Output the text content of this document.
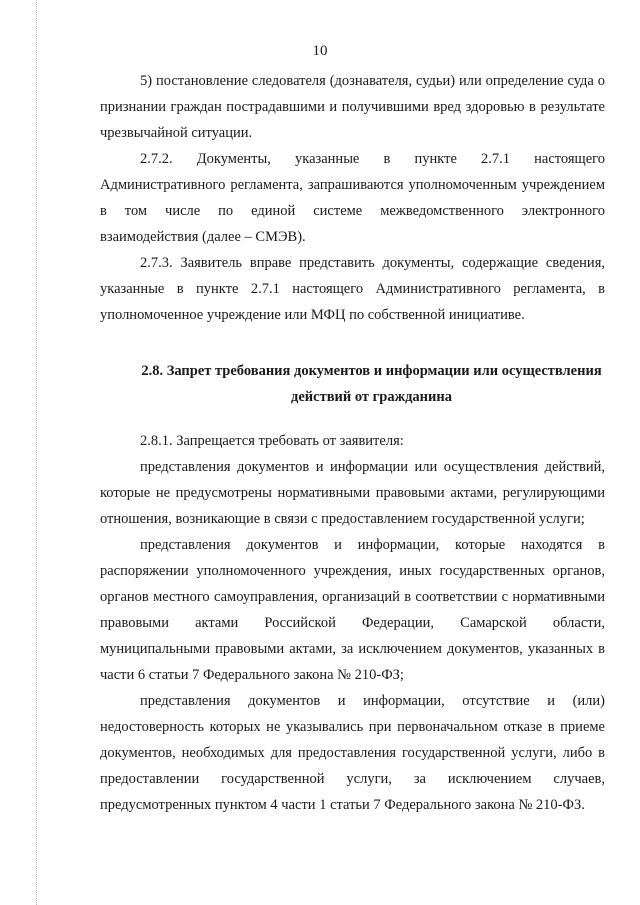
10

5) постановление следователя (дознавателя, судьи) или определение суда о признании граждан пострадавшими и получившими вред здоровью в результате чрезвычайной ситуации.

2.7.2. Документы, указанные в пункте 2.7.1 настоящего Административного регламента, запрашиваются уполномоченным учреждением в том числе по единой системе межведомственного электронного взаимодействия (далее – СМЭВ).

2.7.3. Заявитель вправе представить документы, содержащие сведения, указанные в пункте 2.7.1 настоящего Административного регламента, в уполномоченное учреждение или МФЦ по собственной инициативе.

2.8. Запрет требования документов и информации или осуществления действий от гражданина

2.8.1. Запрещается требовать от заявителя:

представления документов и информации или осуществления действий, которые не предусмотрены нормативными правовыми актами, регулирующими отношения, возникающие в связи с предоставлением государственной услуги;

представления документов и информации, которые находятся в распоряжении уполномоченного учреждения, иных государственных органов, органов местного самоуправления, организаций в соответствии с нормативными правовыми актами Российской Федерации, Самарской области, муниципальными правовыми актами, за исключением документов, указанных в части 6 статьи 7 Федерального закона № 210-ФЗ;

представления документов и информации, отсутствие и (или) недостоверность которых не указывались при первоначальном отказе в приеме документов, необходимых для предоставления государственной услуги, либо в предоставлении государственной услуги, за исключением случаев, предусмотренных пунктом 4 части 1 статьи 7 Федерального закона № 210-ФЗ.
